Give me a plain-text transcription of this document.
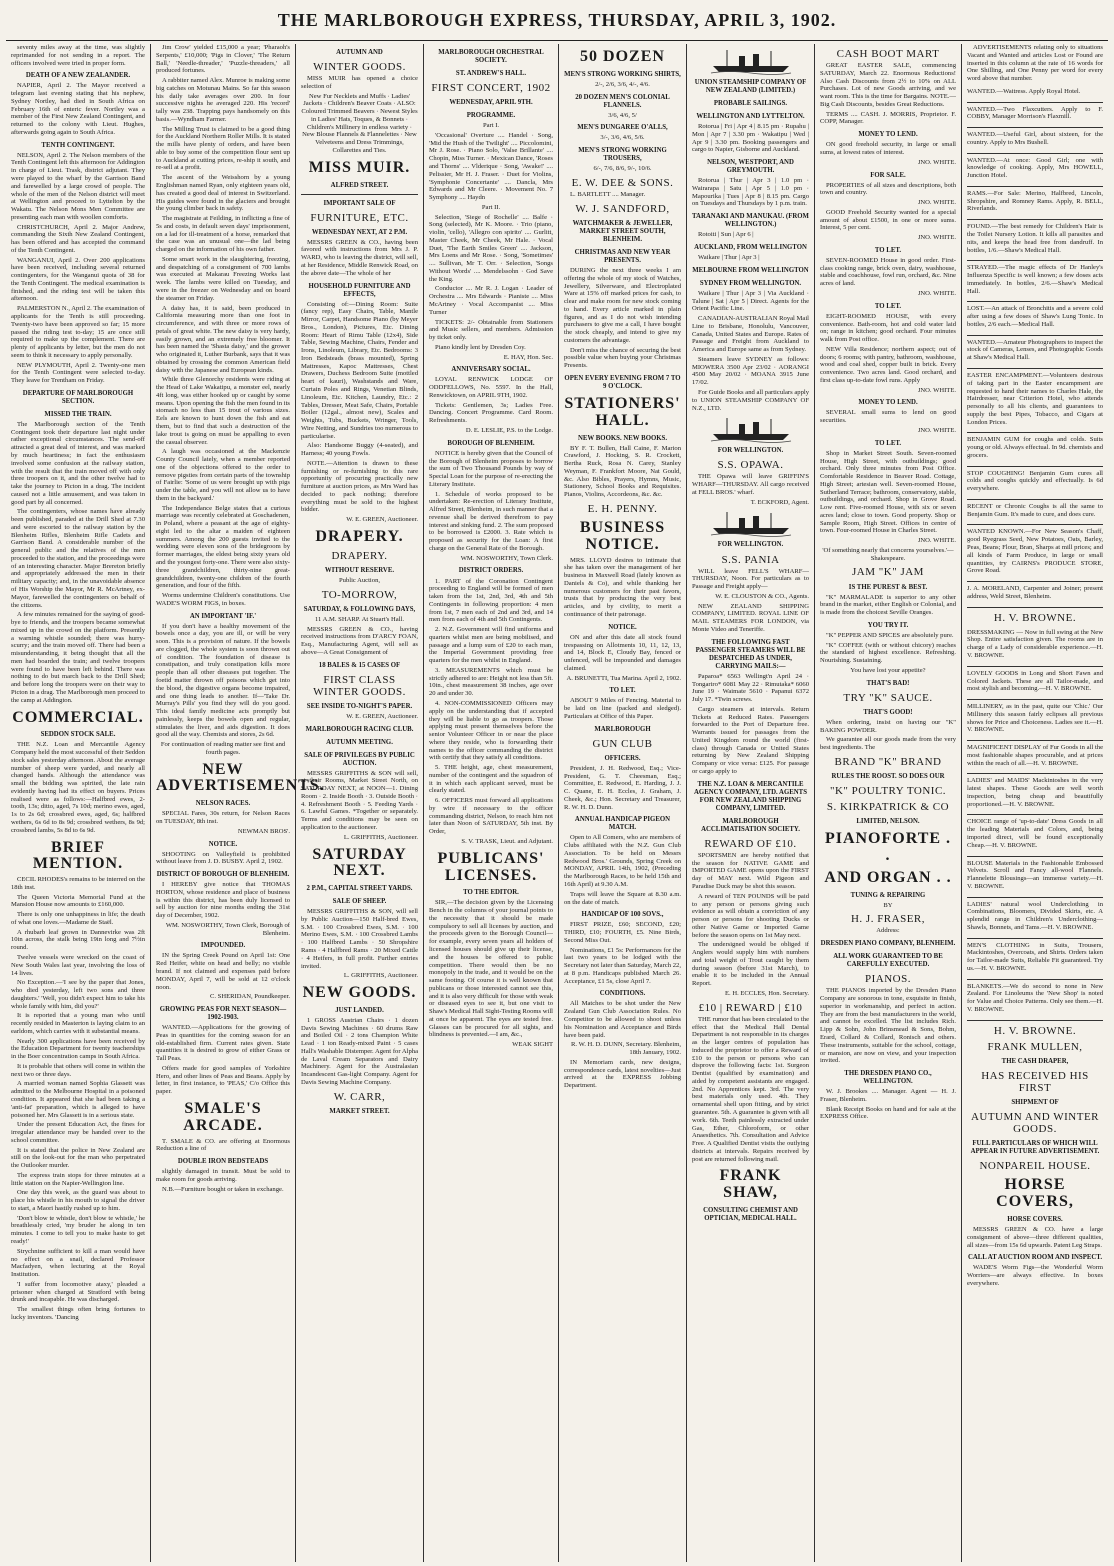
THE MARLBOROUGH EXPRESS, THURSDAY, APRIL 3, 1902.

seventy miles away at the time, was slightly reprimanded for not sending in a report. The officers involved were tried in proper form.

DEATH OF A NEW ZEALANDER.

NAPIER, April 2. The Mayor received a telegram last evening stating that his nephew, Sydney Nortley, had died in South Africa on February 16th of enteric fever. Nortley was a member of the First New Zealand Contingent, and returned to the colony with Lieut. Hughes, afterwards going again to South Africa.

TENTH CONTINGENT.

NELSON, April 2. The Nelson members of the Tenth Contingent left this afternoon for Addington in charge of Lieut. Trask, district adjutant. They were played to the wharf by the Garrison Band and farewelled by a large crowd of people. The whole of the men of the Nelson district will meet at Wellington and proceed to Lyttelton by the Wakatu. The Nelson Mons Men Committee are presenting each man with woollen comforts.

CHRISTCHURCH, April 2. Major Andrew, commanding the Sixth New Zealand Contingent, has been offered and has accepted the command of the Tenth Contingent.

WANGANUI, April 2. Over 200 applications have been received, including several returned contingenters, for the Wanganui quota of 38 for the Tenth Contingent. The medical examination is finished, and the riding test will be taken this afternoon.

PALMERSTON N., April 2. The examination of applicants for the Tenth is still proceeding. Twenty-two have been approved so far; 15 more passed the riding test to-day; 15 are once still required to make up the complement. There are plenty of applicants by letter, but the men do not seem to think it necessary to apply personally.

NEW PLYMOUTH, April 2. Twenty-one men for the Tenth Contingent were selected to-day. They leave for Trentham on Friday.

DEPARTURE OF MARLBOROUGH SECTION.

MISSED THE TRAIN.

The Marlborough section of the Tenth Contingent took their departure last night under rather exceptional circumstances. The send-off attracted a great deal of interest, and was marked by much heartiness; in fact the enthusiasm involved some confusion at the railway station, with the result that the train moved off with only three troopers on it, and the other twelve had to take the journey to Picton in a drag. The incident caused not a little amusement, and was taken in good part by all concerned.

The contingenters, whose names have already been published, paraded at the Drill Shed at 7.30 and were escorted to the railway station by the Blenheim Rifles, Blenheim Rifle Cadets and Garrison Band. A considerable number of the general public and the relatives of the men proceeded to the station, and the proceedings were of an interesting character. Major Brereton briefly and appropriately addressed the men in their military capacity; and, in the unavoidable absence of His Worship the Mayor, Mr R. McArtney, ex-Mayor, farewelled the contingenters on behalf of the citizens.

A few minutes remained for the saying of good-bye to friends, and the troopers became somewhat mixed up in the crowd on the platform. Presently a warning whistle sounded; there was hurry-scurry; and the train moved off. There had been a misunderstanding, it being thought that all the men had boarded the train; and twelve troopers were found to have been left behind. There was nothing to do but march back to the Drill Shed; and before long the troopers were on their way to Picton in a drag. The Marlborough men proceed to the camp at Addington.

COMMERCIAL.

SEDDON STOCK SALE.

THE N.Z. Loan and Mercantile Agency Company held the most successful of their Seddon stock sales yesterday afternoon. About the average number of sheep were yarded, and nearly all changed hands. Although the attendance was small the bidding was spirited, the late rain evidently having had its effect on buyers. Prices realised were as follows:—Halfbred ewes, 2-tooth, 13s; ditto, aged, 7s 10d; merino ewes, aged, 1s to 2s 6d; crossbred ewes, aged, 6s; halfbred wethers, 6s 6d to 8s 9d; crossbred wethers, 8s 9d; crossbred lambs, 5s 8d to 6s 9d.

BRIEF MENTION.

CECIL RHODES's remains to be interred on the 18th inst.

The Queen Victoria Memorial Fund at the Mansion House now amounts to £160,000.

There is only one unhappiness in life; the death of what one loves.—Madame de Staël.

A rhubarb leaf grown in Dannevirke was 2ft 10in across, the stalk being 19in long and 7½in round.

Twelve vessels were wrecked on the coast of New South Wales last year, involving the loss of 14 lives.

No Exception.—'I see by the paper that Jones, who died yesterday, left two sons and three daughters.' 'Well, you didn't expect him to take his whole family with him, did you?'

It is reported that a young man who until recently resided in Masterton is laying claim to an earldom, which carries with it substantial means.

Nearly 300 applications have been received by the Education Department for twenty teacherships in the Boer concentration camps in South Africa.

It is probable that others will come in within the next two or three days.

A married woman named Sophia Glassett was admitted to the Melbourne Hospital in a poisoned condition. It appeared that she had been taking a 'anti-fat' preparation, which is alleged to have poisoned her. Mrs Glassett is in a serious state.

Under the present Education Act, the fines for irregular attendance may be handed over to the school committee.

It is stated that the police in New Zealand are still on the look-out for the man who perpetrated the Outlooker murder.

The express train stops for three minutes at a little station on the Napier-Wellington line.

One day this week, as the guard was about to place his whistle in his mouth to signal the driver to start, a Maori hastily rushed up to him.

'Don't blow te whistle, don't blow te whistle,' he breathlessly cried, 'my bruder he along in ten minutes. I come to tell you to make haste to get ready!'

Strychnine sufficient to kill a man would have no effect on a snail, declared Professor Macfadyen, when lecturing at the Royal Institution.

'I suffer from locomotive ataxy,' pleaded a prisoner when charged at Stratford with being drunk and incapable. He was discharged.

The smallest things often bring fortunes to lucky inventors. 'Dancing

Jim Crow' yielded £15,000 a year; 'Pharaoh's Serpents,' £10,000; 'Pigs in Clover,' 'The Return Ball,' 'Needle-threader,' 'Puzzle-threaders,' all produced fortunes.

A rabbiter named Alex. Munroe is making some big catches on Motunau Mains. So far this season his daily take averages over 200. In four successive nights he averaged 220. His 'record' tally was 238. Trapping pays handsomely on this basis.—Wyndham Farmer.

The Milling Trust is claimed to be a good thing for the Auckland Northern Roller Mills. It is stated the mills have plenty of orders, and have been able to buy some of the competition flour sent up to Auckland at cutting prices, re-ship it south, and re-sell at a profit.

The ascent of the Weisshorn by a young Englishman named Ryan, only eighteen years old, has created a good deal of interest in Switzerland. His guides were found in the glaciers and brought the young climber back in safety.

The magistrate at Feilding, in inflicting a fine of 5s and costs, in default seven days' imprisonment, on a lad for ill-treatment of a horse, remarked that the case was an unusual one—the lad being charged on the information of his own father.

Some smart work in the slaughtering, freezing, and despatching of a consignment of 700 lambs was executed at Makarau Freezing Works last week. The lambs were killed on Tuesday, and were in the freezer on Wednesday and on board the steamer on Friday.

A daisy has, it is said, been produced in California measuring more than one foot in circumference, and with three or more rows of petals of great white. The new daisy is very hardy, easily grown, and an extremely free bloomer. It has been named the 'Shasta daisy,' and the grower who originated it, Luther Burbank, says that it was obtained by crossing the common American field daisy with the Japanese and European kinds.

While three Glenorchy residents were riding at the Head of Lake Wakatipu, a monster eel, nearly 4ft long, was either hooked up or caught by some means. Upon opening the fish the men found in its stomach no less than 15 trout of various sizes. Eels are known to hunt down the fish and eat them, but to find that such a destruction of the lake trout is going on must be appalling to even the casual observer.

A laugh was occasioned at the Mackenzie County Council lately, when a member reported one of the objections offered to the order to remove pigsties from certain parts of the township of Fairlie: 'Some of us were brought up with pigs under the table, and you will not allow us to have them in the backyard.'

The Independance Belge states that a curious marriage was recently celebrated at Goschadenen, in Poland, where a peasant at the age of eighty-eight led to the altar a maiden of eighteen summers. Among the 200 guests invited to the wedding were eleven sons of the bridegroom by former marriages, the eldest being sixty years old and the youngest forty-one. There were also sixty-three grandchildren, thirty-nine great-grandchildren, twenty-one children of the fourth generation, and four of the fifth.

Worms undermine Children's constitutions. Use WADE'S WORM FIGS, in boxes.

AN IMPORTANT 'IF.'

If you don't have a healthy movement of the bowels once a day, you are ill, or will be very soon. This is a provision of nature. If the bowels are clogged, the whole system is soon thrown out of condition. The foundation of disease is constipation, and truly constipation kills more people than all other diseases put together. The foetid matter thrown off poisons which get into the blood, the digestive organs become impaired, and one thing leads to another. If—'Take Dr. Murray's Pills' you find they will do you good. This ideal family medicine acts promptly but painlessly, keeps the bowels open and regular, stimulates the liver, and aids digestion. It does good all the way. Chemists and stores, 2s 6d.

For continuation of reading matter see first and fourth pages.

NEW ADVERTISEMENTS.

NELSON RACES.

SPECIAL Fares, 30s return, for Nelson Races on TUESDAY, 8th inst.

NEWMAN BROS'.

NOTICE.

SHOOTING on Valleyfield is prohibited without leave from J. D. BUSBY. April 2, 1902.

DISTRICT OF BOROUGH OF BLENHEIM.

I HEREBY give notice that THOMAS HORTON, whose residence and place of business is within this district, has been duly licensed to sell by auction for nine months ending the 31st day of December, 1902.

WM. NOSWORTHY, Town Clerk, Borough of Blenheim.

IMPOUNDED.

IN the Spring Creek Pound on April 1st: One Red Heifer, white on head and belly; no visible brand. If not claimed and expenses paid before MONDAY, April 7, will be sold at 12 o'clock noon.

C. SHERIDAN, Poundkeeper.

GROWING PEAS FOR NEXT SEASON—1902-1903.

WANTED.—Applications for the growing of Peas in quantities for the coming season for an old-established firm. Current rates given. State quantities it is desired to grow of either Grass or Tall Peas.

Offers made for good samples of Yorkshire Hero, and other lines of Peas and Beans. Apply by letter, in first instance, to 'PEAS,' C/o Office this paper.

SMALE'S ARCADE.

T. SMALE & CO. are offering at Enormous Reduction a line of

DOUBLE IRON BEDSTEADS

slightly damaged in transit. Must be sold to make room for goods arriving.

N.B.—Furniture bought or taken in exchange.

AUTUMN AND

WINTER GOODS.

MISS MUIR has opened a choice selection of

New Fur Necklets and Muffs · Ladies' Jackets · Children's Beaver Coats · ALSO: Coloured Trimmed Beavers · Newest Styles in Ladies' Hats, Toques, & Bonnets · Children's Millinery in endless variety · New Blouse Flannels & Flannelettes · New Velveteens and Dress Trimmings, Collarettes and Ties.

MISS MUIR.

ALFRED STREET.

IMPORTANT SALE OF

FURNITURE, ETC.

WEDNESDAY NEXT, AT 2 P.M.

MESSRS GREEN & CO., having been favored with instructions from Mrs J. P. WARD, who is leaving the district, will sell, at her Residence, Middle Renwick Road, on the above date—The whole of her

HOUSEHOLD FURNITURE AND EFFECTS,

Consisting of:—Dining Room: Suite (fancy rep), Easy Chairs, Table, Mantle Mirror, Carpet, Handsome Piano (by Meyer Bros., London), Pictures, Etc. Dining Room: Heart of Rimu Table (12x4), Side Table, Sewing Machine, Chairs, Fender and Irons, Linoleum, Library, Etc. Bedrooms: 3 Iron Bedsteads (brass mounted), Spring Mattresses, Kapoc Mattresses, Chest Drawers, Duchess Bedroom Suite (mottled heart of kauri), Washstands and Ware, Curtain Poles and Rings, Venetian Blinds, Linoleum, Etc. Kitchen, Laundry, Etc.: 2 Tables, Dresser, Meat Safe, Chairs, Portable Boiler (12gal., almost new), Scales and Weights, Tubs, Buckets, Wringer, Tools, Wire Netting, and Sundries too numerous to particularise.

Also: Handsome Buggy (4-seated), and Harness; 40 young Fowls.

NOTE.—Attention is drawn to these furnishing or re-furnishing to this rare opportunity of procuring practically new furniture at auction prices, as Mrs Ward has decided to pack nothing; therefore everything must be sold to the highest bidder.

W. E. GREEN, Auctioneer.

DRAPERY.

DRAPERY.

WITHOUT RESERVE.

Public Auction,

TO-MORROW,

SATURDAY, & FOLLOWING DAYS,

11 A.M. SHARP. At Stuart's Hall.

MESSRS GREEN & CO., having received instructions from D'ARCY FOAN, Esq., Manufacturing Agent, will sell as above—A Great Consignment of

18 BALES & 15 CASES OF

FIRST CLASS WINTER GOODS.

SEE INSIDE TO-NIGHT'S PAPER.

W. E. GREEN, Auctioneer.

MARLBOROUGH RACING CLUB.

AUTUMN MEETING.

SALE OF PRIVILEGES BY PUBLIC AUCTION.

MESSRS GRIFFITHS & SON will sell, at their Rooms, Market Street North, on SATURDAY NEXT, at NOON—1. Dining Room · 2. Inside Booth · 3. Outside Booth · 4. Refreshment Booth · 5. Feeding Yards · 6. Lawful Games. *Together or separately. Terms and conditions may be seen on application to the auctioneer.

L. GRIFFITHS, Auctioneer.

SATURDAY NEXT.

2 P.M., CAPITAL STREET YARDS.

SALE OF SHEEP.

MESSRS GRIFFITHS & SON, will sell by Public Auction—150 Half-bred Ewes, S.M. · 100 Crossbred Ewes, S.M. · 100 Merino Ewes, S.M. · 100 Crossbred Lambs · 100 Halfbred Lambs · 50 Shropshire Rams · 4 Halfbred Rams · 20 Mixed Cattle · 4 Heifers, in full profit. Further entries invited.

L. GRIFFITHS, Auctioneer.

NEW GOODS.

JUST LANDED.

1 GROSS Austrian Chairs · 1 dozen Davis Sewing Machines · 60 drums Raw and Boiled Oil · 2 tons Champion White Lead · 1 ton Ready-mixed Paint · 5 cases Hall's Washable Distemper. Agent for Alpha de Laval Cream Separators and Dairy Machinery. Agent for the Australasian Incandescent Gas-light Company. Agent for Davis Sewing Machine Company.

W. CARR,

MARKET STREET.

MARLBOROUGH ORCHESTRAL SOCIETY.

ST. ANDREW'S HALL.

FIRST CONCERT, 1902

WEDNESDAY, APRIL 9TH.

PROGRAMME.

Part I.

'Occasional' Overture .... Handel · Song, 'Mid the Hush of the Twilight' .... Piccolomini, Mr J. Rose. · Piano Solo, 'Valse Brillante' .... Chopin, Miss Turner. · Mexican Dance, 'Roses and Thorns' .... Vlderique · Song, 'Awake!' .... Pelissier, Mr H. J. Fraser. · Duet for Violins, 'Symphonie Concertante' .... Dancla, Mrs Edwards and Mr Cleere. · Movement No. 7 Symphony .... Haydn

Part II.

Selection, 'Siege of Rochelle' .... Balfe · Song (selected), Mr K. Moore. · Trio (piano, violin, 'cello), 'Allegro con spirito' .... Gurlitt, Master Cheek, Mr Cheek, Mr Hale. · Vocal Duet, 'The Earth Smiles Green' .... Jackson, Mrs Loens and Mr Rose. · Song, 'Sometimes' .... Sullivan, Mr T. Orr. · Selection, 'Songs Without Words' .... Mendelssohn · God Save the King.

Conductor .... Mr R. J. Logan · Leader of Orchestra .... Mrs Edwards · Pianiste .... Miss McArtney · Vocal Accompanist .... Miss Turner

TICKETS: 2/- Obtainable from Stationers and Music sellers, and members. Admission by ticket only.

Piano kindly lent by Dresden Coy.

E. HAY, Hon. Sec.

ANNIVERSARY SOCIAL.

LOYAL RENWICK LODGE OF ODDFELLOWS, No. 5597. In the Hall, Renwicktown, on APRIL 9TH, 1902.

Tickets: Gentlemen, 3s; Ladies Free. Dancing. Concert Programme. Card Room. Refreshments.

D. E. LESLIE, P.S. to the Lodge.

BOROUGH OF BLENHEIM.

NOTICE is hereby given that the Council of the Borough of Blenheim proposes to borrow the sum of Two Thousand Pounds by way of Special Loan for the purpose of re-erecting the Literary Institute.

1. Schedule of works proposed to be undertaken: Re-erection of Literary Institute, Alfred Street, Blenheim, in such manner that a revenue shall be derived therefrom to pay interest and sinking fund. 2. The sum proposed to be borrowed is £2000. 3. Rate which is proposed as security for the Loan: A first charge on the General Rate of the Borough.

WM. NOSWORTHY, Town Clerk.

DISTRICT ORDERS.

1. PART of the Coronation Contingent proceeding to England will be formed of men taken from the 1st, 2nd, 3rd, 4th and 5th Contingents in following proportion: 4 men from 1st, 7 men each of 2nd and 3rd, and 14 men from each of 4th and 5th Contingents.

2. N.Z. Government will find uniforms and quarters whilst men are being mobilised, and passage and a lump sum of £20 to each man, the Imperial Government providing free quarters for the men whilst in England.

3. MEASUREMENTS which must be strictly adhered to are: Height not less than 5ft. 10in., chest measurement 38 inches, age over 20 and under 30.

4. NON-COMMISSIONED Officers may apply on the understanding that if accepted they will be liable to go as troopers. Those applying must present themselves before the senior Volunteer Officer in or near the place where they reside, who is forwarding their names to the officer commanding the district with certify that they satisfy all conditions.

5. THE height, age, chest measurement, number of the contingent and the squadron of it in which each applicant served, must be clearly stated.

6. OFFICERS must forward all applications by wire if necessary to the officer commanding district, Nelson, to reach him not later than Noon of SATURDAY, 5th inst. By Order,

S. V. TRASK, Lieut. and Adjutant.

PUBLICANS' LICENSES.

TO THE EDITOR.

SIR,—The decision given by the Licensing Bench in the columns of your journal points to the necessity that it should be made compulsory to sell all licenses by auction, and the proceeds given to the Borough Council—for example, every seven years all holders of licensed houses should give up their license, and the houses be offered to public competition. There would then be no monopoly in the trade, and it would be on the same footing. Of course it is well known that publicans or those interested cannot see this, and it is also very difficult for those with weak or diseased eyes to see it, but one visit to Shaw's Medical Hall Sight-Testing Rooms will at once be apparent. The eyes are tested free. Glasses can be procured for all sights, and blindness is prevented.—I am, &c.,

WEAK SIGHT

50 DOZEN

MEN'S STRONG WORKING SHIRTS,

2/-, 2/6, 3/6, 4/-, 4/6.

20 DOZEN MEN'S COLONIAL FLANNELS.

3/6, 4/6, 5/

MEN'S DUNGAREE O'ALLS,

3/-, 3/6, 4/6, 5/6.

MEN'S STRONG WORKING TROUSERS,

6/-, 7/6, 8/6, 9/-, 10/6.

E. W. DEE & SONS.

L. BARTLETT .... Manager.

W. J. SANDFORD,

WATCHMAKER & JEWELLER, MARKET STREET SOUTH, BLENHEIM.

CHRISTMAS AND NEW YEAR PRESENTS.

DURING the next three weeks I am offering the whole of my stock of Watches, Jewellery, Silverware, and Electroplated Ware at 15% off marked prices for cash, to clear and make room for new stock coming to hand. Every article marked in plain figures, and as I do not wish intending purchasers to give me a call, I have bought the stock cheaply, and intend to give my customers the advantage.

Don't miss the chance of securing the best possible value when buying your Christmas Presents.

OPEN EVERY EVENING FROM 7 TO 9 O'CLOCK.

STATIONERS' HALL.

NEW BOOKS. NEW BOOKS.

BY F. T. Bullen, Hall Caine, F. Marion Crawford, J. Hocking, S. R. Crockett, Bertha Ruck, Rosa N. Carey, Stanley Weyman, F. Frankfort Moore, Nat Gould, &c. Also Bibles, Prayers, Hymns, Music, Stationery, School Books and Requisites. Pianos, Violins, Accordeons, &c. &c.

E. H. PENNY.

BUSINESS NOTICE.

MRS. LLOYD desires to intimate that she has taken over the management of her business in Maxwell Road (lately known as Daniels & Co), and while thanking her numerous customers for their past favors, trusts that by producing the very best articles, and by civility, to merit a continuance of their patronage.

NOTICE.

ON and after this date all stock found trespassing on Allotments 10, 11, 12, 13, and 14, Block E, Cloudy Bay, fenced or unfenced, will be impounded and damages claimed.

A. BRUNETTI, Tua Marina. April 2, 1902.

TO LET.

ABOUT 9 Miles of Fencing. Material to be laid on line (packed and sledged). Particulars at Office of this Paper.

MARLBOROUGH

GUN CLUB

OFFICERS.

President, J. H. Redwood, Esq.; Vice-President, G. T. Cheesman, Esq.; Committee, E. Redwood, E. Harding, J. J. C. Quane, E. H. Eccles, J. Graham, J. Cheek, &c.; Hon. Secretary and Treasurer, R. W. H. D. Dunn.

ANNUAL HANDICAP PIGEON MATCH.

Open to All Comers, who are members of Clubs affiliated with the N.Z. Gun Club Association. To be held on Messrs Redwood Bros.' Grounds, Spring Creek on MONDAY, APRIL 14th, 1902, (Preceding the Marlborough Races, to be held 15th and 16th April) at 9.30 A.M.

Traps will leave the Square at 8.30 a.m. on the date of match.

HANDICAP OF 100 SOVS.,

FIRST PRIZE, £60; SECOND, £20; THIRD, £10; FOURTH, £5. Nine Birds, Second Miss Out.

Nominations, £1 5s: Performances for the last two years to be lodged with the Secretary not later than Saturday, March 22, at 8 p.m. Handicaps published March 26. Acceptance, £1 5s, close April 7.

CONDITIONS.

All Matches to be shot under the New Zealand Gun Club Association Rules. No Competitor to be allowed to shoot unless his Nomination and Acceptance and Birds have been paid.

R. W. H. D. DUNN, Secretary. Blenheim, 18th January, 1902.

IN Memoriam cards, new designs, correspondence cards, latest novelties—Just arrived at the EXPRESS Jobbing Department.

UNION STEAMSHIP COMPANY OF NEW ZEALAND (LIMITED.)

PROBABLE SAILINGS.

WELLINGTON AND LYTTELTON.

Rotorua | Fri | Apr 4 | 8.15 pm · Rupahu | Mon | Apr 7 | 3.30 pm · Wakatipu | Wed | Apr 9 | 3.30 pm. Booking passengers and cargo to Napier, Gisborne and Auckland.

NELSON, WESTPORT, AND GREYMOUTH.

Rotorua | Thur | Apr 3 | 1.0 pm · Wairarapa | Satu | Apr 5 | 1.0 pm · Mapourika | Tues | Apr 8 | 8.15 pm. Cargo on Tuesdays and Thursdays by 1 p.m. train.

TARANAKI AND MANUKAU. (FROM WELLINGTON.)

Rotoiti | Sun | Apr 6 |

AUCKLAND, FROM WELLINGTON

Waikare | Thur | Apr 3 |

MELBOURNE FROM WELLINGTON

SYDNEY FROM WELLINGTON.

Waikare | Thur | Apr 3 | Via Auckland · Talune | Sat | Apr 5 | Direct. Agents for the Orient Pacific Line.

CANADIAN-AUSTRALIAN Royal Mail Line to Brisbane, Honolulu, Vancouver, Canada, United States and Europe. Rates of Passage and Freight from Auckland to America and Europe same as from Sydney.

Steamers leave SYDNEY as follows: MIOWERA 3500 Apr 23/02 · AORANGI 4500 May 20/02 · MOANA 3915 June 17/02.

For Guide Books and all particulars apply to UNION STEAMSHIP COMPANY OF N.Z., LTD.

FOR WELLINGTON.

S.S. OPAWA.

THE Opawa will leave GRIFFIN'S WHARF—THURSDAY. All cargo received at FELL BROS.' wharf.

T. ECKFORD, Agent.

FOR WELLINGTON.

S.S. PANIA

WILL leave FELL'S WHARF—THURSDAY, Noon. For particulars as to Passage and Freight apply—

W. E. CLOUSTON & CO., Agents.

NEW ZEALAND SHIPPING COMPANY, LIMITED. ROYAL LINE OF MAIL STEAMERS FOR LONDON, via Monte Video and Teneriffe.

THE FOLLOWING FAST PASSENGER STEAMERS WILL BE DESPATCHED AS UNDER, CARRYING MAILS:—

Paparoa* 6563 Wellingt'n April 24 · Tongariro* 6081 May 22 · Rimutaka* 6060 June 19 · Waimate 5610 · Papanui 6372 July 17. *Twin screws.

Cargo steamers at intervals. Return Tickets at Reduced Rates. Passengers forwarded to the Port of Departure free. Warrants issued for passages from the United Kingdom round the world (first-class) through Canada or United States returning by New Zealand Shipping Company or vice versa: £125. For passage or cargo apply to

THE N.Z. LOAN & MERCANTILE AGENCY COMPANY, LTD. AGENTS FOR NEW ZEALAND SHIPPING COMPANY, LIMITED.

MARLBOROUGH ACCLIMATISATION SOCIETY.

REWARD OF £10.

SPORTSMEN are hereby notified that the season for NATIVE GAME and IMPORTED GAME opens upon the FIRST day of MAY next. Wild Pigeon and Paradise Duck may be shot this season.

A reward of TEN POUNDS will be paid to any person or persons giving such evidence as will obtain a conviction of any person or persons for shooting Ducks or other Native Game or Imported Game before the season opens on 1st May next.

The undersigned would be obliged if Anglers would supply him with numbers and total weight of Trout caught by them during season (before 31st March), to enable it to be included in the Annual Report.

E. H. ECCLES, Hon. Secretary.

£10 | REWARD | £10

THE rumor that has been circulated to the effect that the Medical Hall Dental Department is not responsible in its charges as the larger centres of population has induced the proprietor to offer a Reward of £10 to the person or persons who can disprove the following facts: 1st. Surgeon Dentist (qualified by examination) and aided by competent assistants are engaged. 2nd. No Apprentices kept. 3rd. The very best materials only used. 4th. They ornamental shell upon fitting, and by strict guarantee. 5th. A guarantee is given with all work. 6th. Teeth painlessly extracted under Gas, Ether, Chloroform, or other Anaesthetics. 7th. Consultation and Advice Free. A Qualified Dentist visits the outlying districts at intervals. Repairs received by post are returned following mail.

FRANK SHAW,

CONSULTING CHEMIST AND OPTICIAN, MEDICAL HALL.

CASH BOOT MART

GREAT EASTER SALE, commencing SATURDAY, March 22. Enormous Reductions! Also Cash Discounts from 2½ to 10% on ALL Purchases. Lot of new Goods arriving, and we want room. This is the time for Bargains. NOTE.—Big Cash Discounts, besides Great Reductions.

TERMS .... CASH. J. MORRIS, Proprietor. F. COPP, Manager.

MONEY TO LEND.

ON good freehold security, in large or small sums, at lowest rates of interest.

JNO. WHITE.

FOR SALE.

PROPERTIES of all sizes and descriptions, both town and country.

JNO. WHITE.

GOOD Freehold Security wanted for a special amount of about £1500, in one or more sums. Interest, 5 per cent.

JNO. WHITE.

TO LET.

SEVEN-ROOMED House in good order. First-class cooking range, brick oven, dairy, washhouse, stable and coachhouse, fowl run, orchard, &c. Nine acres of land.

JNO. WHITE.

TO LET.

EIGHT-ROOMED HOUSE, with every convenience. Bath-room, hot and cold water laid on; range in kitchen; good orchard. Four minutes walk from Post office.

NEW Villa Residence; northern aspect; out of doors; 6 rooms; with pantry, bathroom, washhouse, wood and coal shed, copper built in brick. Every convenience. Two acres land. Good orchard, and first class up-to-date fowl runs. Apply

JNO. WHITE.

MONEY TO LEND.

SEVERAL small sums to lend on good securities.

JNO. WHITE.

TO LET.

Shop in Market Street South. Seven-roomed House, High Street, with outbuildings; good orchard. Only three minutes from Post Office. Comfortable Residence in Beaver Road. Cottage, High Street; artesian well. Seven-roomed House, Sutherland Terrace; bathroom, conservatory, stable, outbuildings, and orchard. Shop in Grove Road. Low rent. Five-roomed House, with six or seven acres land; close to town. Good property. Shop or Sample Room, High Street. Offices in centre of town. Four-roomed House in Charles Street.

JNO. WHITE.

'Of something nearly that concerns yourselves.'—Shakespeare.

JAM "K" JAM

IS THE PUREST & BEST.

"K" MARMALADE is superior to any other brand in the market, either English or Colonial, and is made from the choicest Seville Oranges.

YOU TRY IT.

"K" PEPPER AND SPICES are absolutely pure.

"K" COFFEE (with or without chicory) reaches the standard of highest excellence. Refreshing. Nourishing. Sustaining.

You have lost your appetite?

THAT'S BAD!

TRY "K" SAUCE.

THAT'S GOOD!

When ordering, insist on having our "K" BAKING POWDER.

We guarantee all our goods made from the very best ingredients. The

BRAND "K" BRAND

RULES THE ROOST. SO DOES OUR

"K" POULTRY TONIC.

S. KIRKPATRICK & CO

LIMITED, NELSON.

PIANOFORTE . .

AND ORGAN . .

TUNING & REPAIRING

BY

H. J. FRASER,

Address:

DRESDEN PIANO COMPANY, BLENHEIM.

ALL WORK GUARANTEED TO BE CAREFULLY EXECUTED.

PIANOS.

THE PIANOS imported by the Dresden Piano Company are sonorous in tone, exquisite in finish, superior in workmanship, and perfect in action. They are from the best manufacturers in the world, and cannot be excelled. The list includes Rich. Lipp & Sohn, John Brinsmead & Sons, Bohm, Erard, Collard & Collard, Ronisch and others. These instruments, suitable for the school, cottage, or mansion, are now on view, and your inspection invited.

THE DRESDEN PIANO CO., WELLINGTON.

W. J. Brookes .... Manager. Agent — H. J. Fraser, Blenheim.

Blank Receipt Books on hand and for sale at the EXPRESS Office.

ADVERTISEMENTS relating only to situations Vacant and Wanted and articles Lost or Found are inserted in this column at the rate of 16 words for One Shilling, and One Penny per word for every word above that number.

WANTED.—Waitress. Apply Royal Hotel.

WANTED.—Two Flaxcutters. Apply to F. COBBY, Manager Morrison's Flaxmill.

WANTED.—Useful Girl, about sixteen, for the country. Apply to Mrs Bushell.

WANTED.—At once: Good Girl; one with knowledge of cooking. Apply, Mrs HOWELL, Junction Hotel.

RAMS.—For Sale: Merino, Halfbred, Lincoln, Shropshire, and Romney Rams. Apply, R. BELL, Riverlands.

FOUND.—The best remedy for Children's Hair is the Toilet Nursery Lotion. It kills all parasites and nits, and keeps the head free from dandruff. In bottles, 1/6.—Shaw's Medical Hall.

STRAYED.—The magic effects of Dr Hanley's Influenza Specific is well known; a few doses acts immediately. In bottles, 2/6.—Shaw's Medical Hall.

LOST.—An attack of Bronchitis and a severe cold after using a few doses of Shaw's Lung Tonic. In bottles, 2/6 each.—Medical Hall.

WANTED.—Amateur Photographers to inspect the stock of Cameras, Lenses, and Photographic Goods at Shaw's Medical Hall.

EASTER ENCAMPMENT.—Volunteers desirous of taking part in the Easter encampment are requested to hand their names to Charles Hale, the Hairdresser, near Criterion Hotel, who attends personally to all his clients, and guarantees to supply the best Pipes, Tobacco, and Cigars at London Prices.

BENJAMIN GUM for coughs and colds. Suits young or old. Always effectual. In 9d. chemists and grocers.

STOP COUGHING! Benjamin Gum cures all colds and coughs quickly and effectually. Is 6d everywhere.

RECENT or Chronic Coughs is all the same to Benjamin Gum. It's made to cure, and does cure.

WANTED KNOWN.—For New Season's Chaff, good Ryegrass Seed, New Potatoes, Oats, Barley, Peas, Beans; Flour, Bran, Sharps at mill prices; and all kinds of Farm Produce, in large or small quantities, try CAIRNS's PRODUCE STORE, Grove Road.

J. A. MORELAND, Carpenter and Joiner; present address, Weld Street, Blenheim.

H. V. BROWNE.

DRESSMAKING — Now in full swing at the New Shop. Entire satisfaction given. The rooms are in charge of a Lady of considerable experience.—H. V. BROWNE.

LOVELY GOODS in Long and Short Fawn and Colored Jackets. These are all Tailor-made, and most stylish and becoming.—H. V. BROWNE.

MILLINERY, as in the past, quite our 'Chic.' Our Millinery this season fairly eclipses all previous shows for Price and Choiceness. Ladies see it.—H. V. BROWNE.

MAGNIFICENT DISPLAY of Fur Goods in all the most fashionable shapes procurable, and at prices within the reach of all.—H. V. BROWNE.

LADIES' and MAIDS' Mackintoshes in the very latest shapes. These Goods are well worth inspection, being cheap and beautifully proportioned.—H. V. BROWNE.

CHOICE range of 'up-to-date' Dress Goods in all the leading Materials and Colors, and, being imported direct, will be found exceptionally Cheap.—H. V. BROWNE.

BLOUSE Materials in the Fashionable Embossed Velvets. Scroll and Fancy all-wool Flannels. Flannelette Blousings—an immense variety.—H. V. BROWNE.

LADIES' natural wool Underclothing in Combinations, Bloomers, Divided Skirts, etc. A splendid range in Children's Underclothing—Shawls, Bonnets, and Tams.—H. V. BROWNE.

MEN'S CLOTHING in Suits, Trousers, Mackintoshes, Overcoats, and Shirts. Orders taken for Tailor-made Suits, Reliable Fit guaranteed. Try us.—H. V. BROWNE.

BLANKETS.—We do second to none in New Zealand. For Linoleums the 'New Shop' is noted for Value and Choice Patterns. Only see them.—H. V. BROWNE.

H. V. BROWNE.

FRANK MULLEN,

THE CASH DRAPER,

HAS RECEIVED HIS FIRST

SHIPMENT OF

AUTUMN AND WINTER GOODS.

FULL PARTICULARS OF WHICH WILL APPEAR IN FUTURE ADVERTISEMENT.

NONPAREIL HOUSE.

HORSE COVERS,

HORSE COVERS.

MESSRS GREEN & CO. have a large consignment of above—three different qualities, all sizes—from 15s 6d upwards. Patent Leg Straps.

CALL AT AUCTION ROOM AND INSPECT.

WADE'S Worm Figs—the Wonderful Worm Worriers—are always effective. In boxes everywhere.
